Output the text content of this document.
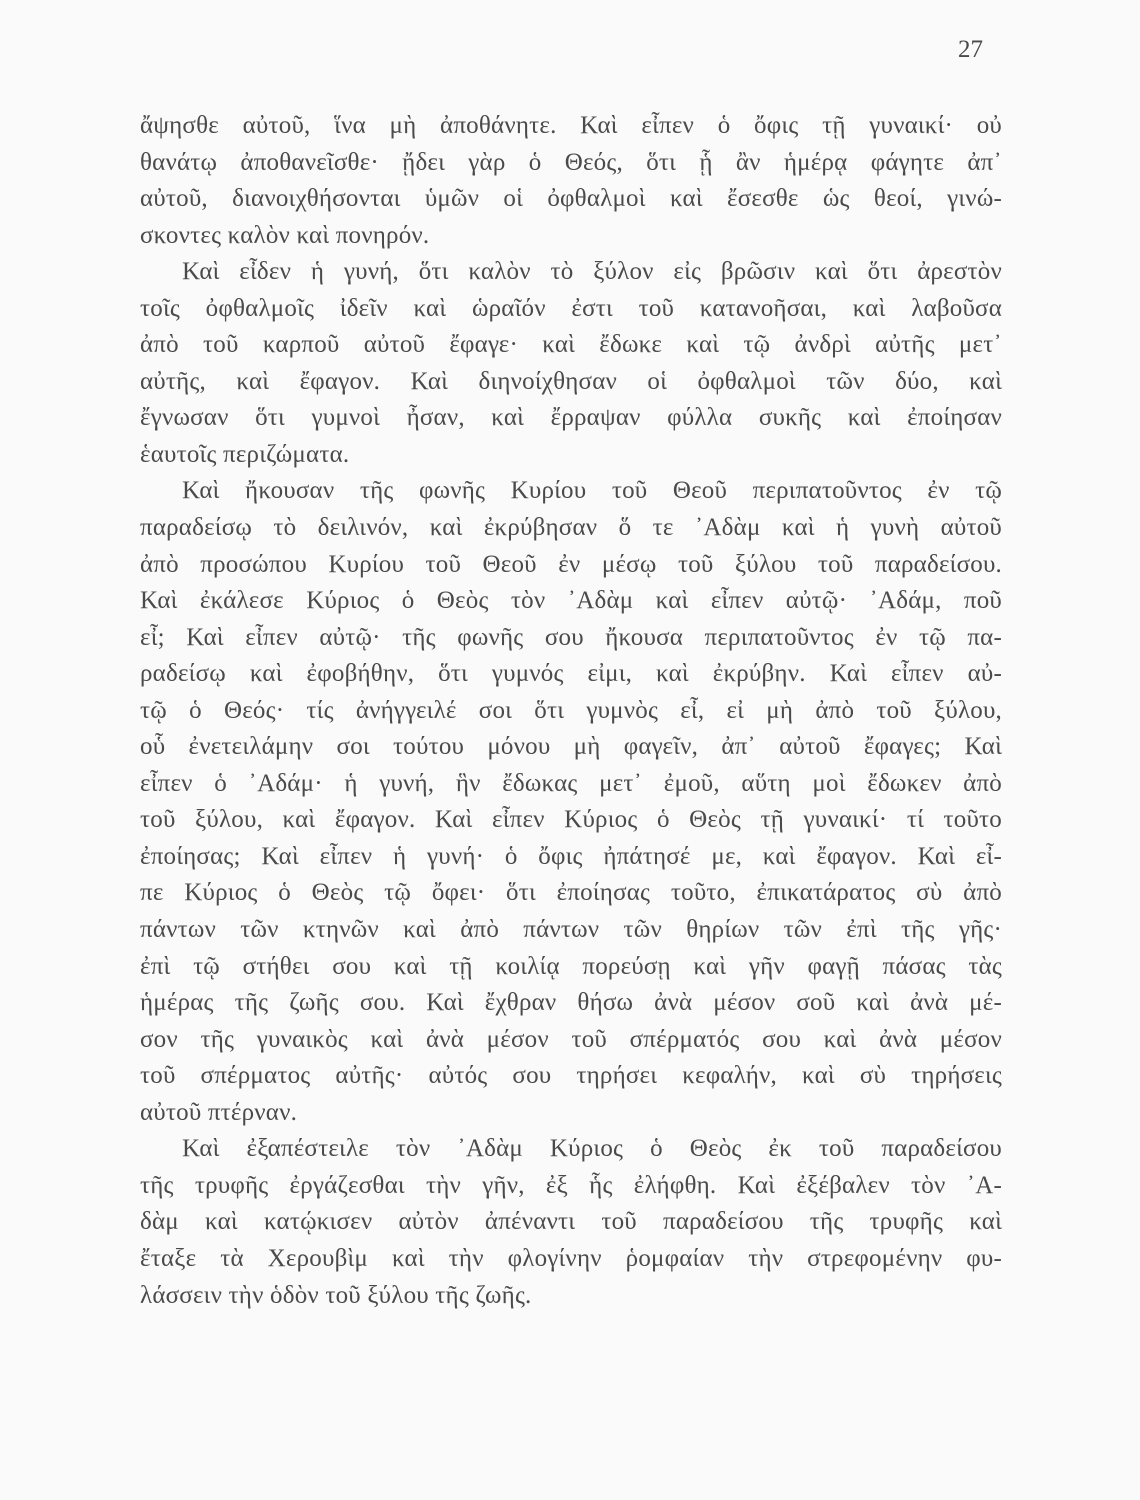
27
ἄψησθε αὐτοῦ, ἵνα μὴ ἀποθάνητε. Καὶ εἶπεν ὁ ὄφις τῇ γυναικί· οὐ
θανάτῳ ἀποθανεῖσθε· ᾔδει γὰρ ὁ Θεός, ὅτι ᾗ ἂν ἡμέρᾳ φάγητε ἀπ᾽
αὐτοῦ, διανοιχθήσονται ὑμῶν οἱ ὀφθαλμοὶ καὶ ἔσεσθε ὡς θεοί, γινώ-
σκοντες καλὸν καὶ πονηρόν.
Καὶ εἶδεν ἡ γυνή, ὅτι καλὸν τὸ ξύλον εἰς βρῶσιν καὶ ὅτι ἀρεστὸν
τοῖς ὀφθαλμοῖς ἰδεῖν καὶ ὡραῖόν ἐστι τοῦ κατανοῆσαι, καὶ λαβοῦσα
ἀπὸ τοῦ καρποῦ αὐτοῦ ἔφαγε· καὶ ἔδωκε καὶ τῷ ἀνδρὶ αὐτῆς μετ᾽
αὐτῆς, καὶ ἔφαγον. Καὶ διηνοίχθησαν οἱ ὀφθαλμοὶ τῶν δύο, καὶ
ἔγνωσαν ὅτι γυμνοὶ ἦσαν, καὶ ἔρραψαν φύλλα συκῆς καὶ ἐποίησαν
ἑαυτοῖς περιζώματα.
Καὶ ἤκουσαν τῆς φωνῆς Κυρίου τοῦ Θεοῦ περιπατοῦντος ἐν τῷ
παραδείσῳ τὸ δειλινόν, καὶ ἐκρύβησαν ὅ τε ᾿Αδὰμ καὶ ἡ γυνὴ αὐτοῦ
ἀπὸ προσώπου Κυρίου τοῦ Θεοῦ ἐν μέσῳ τοῦ ξύλου τοῦ παραδείσου.
Καὶ ἐκάλεσε Κύριος ὁ Θεὸς τὸν ᾿Αδὰμ καὶ εἶπεν αὐτῷ· ᾿Αδάμ, ποῦ
εἶ; Καὶ εἶπεν αὐτῷ· τῆς φωνῆς σου ἤκουσα περιπατοῦντος ἐν τῷ πα-
ραδείσῳ καὶ ἐφοβήθην, ὅτι γυμνός εἰμι, καὶ ἐκρύβην. Καὶ εἶπεν αὐ-
τῷ ὁ Θεός· τίς ἀνήγγειλέ σοι ὅτι γυμνὸς εἶ, εἰ μὴ ἀπὸ τοῦ ξύλου,
οὗ ἐνετειλάμην σοι τούτου μόνου μὴ φαγεῖν, ἀπ᾽ αὐτοῦ ἔφαγες; Καὶ
εἶπεν ὁ ᾿Αδάμ· ἡ γυνή, ἣν ἔδωκας μετ᾽ ἐμοῦ, αὕτη μοὶ ἔδωκεν ἀπὸ
τοῦ ξύλου, καὶ ἔφαγον. Καὶ εἶπεν Κύριος ὁ Θεὸς τῇ γυναικί· τί τοῦτο
ἐποίησας; Καὶ εἶπεν ἡ γυνή· ὁ ὄφις ἠπάτησέ με, καὶ ἔφαγον. Καὶ εἶ-
πε Κύριος ὁ Θεὸς τῷ ὄφει· ὅτι ἐποίησας τοῦτο, ἐπικατάρατος σὺ ἀπὸ
πάντων τῶν κτηνῶν καὶ ἀπὸ πάντων τῶν θηρίων τῶν ἐπὶ τῆς γῆς·
ἐπὶ τῷ στήθει σου καὶ τῇ κοιλίᾳ πορεύσῃ καὶ γῆν φαγῇ πάσας τὰς
ἡμέρας τῆς ζωῆς σου. Καὶ ἔχθραν θήσω ἀνὰ μέσον σοῦ καὶ ἀνὰ μέ-
σον τῆς γυναικὸς καὶ ἀνὰ μέσον τοῦ σπέρματός σου καὶ ἀνὰ μέσον
τοῦ σπέρματος αὐτῆς· αὐτός σου τηρήσει κεφαλήν, καὶ σὺ τηρήσεις
αὐτοῦ πτέρναν.
Καὶ ἐξαπέστειλε τὸν ᾿Αδὰμ Κύριος ὁ Θεὸς ἐκ τοῦ παραδείσου
τῆς τρυφῆς ἐργάζεσθαι τὴν γῆν, ἐξ ἧς ἐλήφθη. Καὶ ἐξέβαλεν τὸν ᾿Α-
δὰμ καὶ κατῴκισεν αὐτὸν ἀπέναντι τοῦ παραδείσου τῆς τρυφῆς καὶ
ἔταξε τὰ Χερουβὶμ καὶ τὴν φλογίνην ῥομφαίαν τὴν στρεφομένην φυ-
λάσσειν τὴν ὁδὸν τοῦ ξύλου τῆς ζωῆς.
